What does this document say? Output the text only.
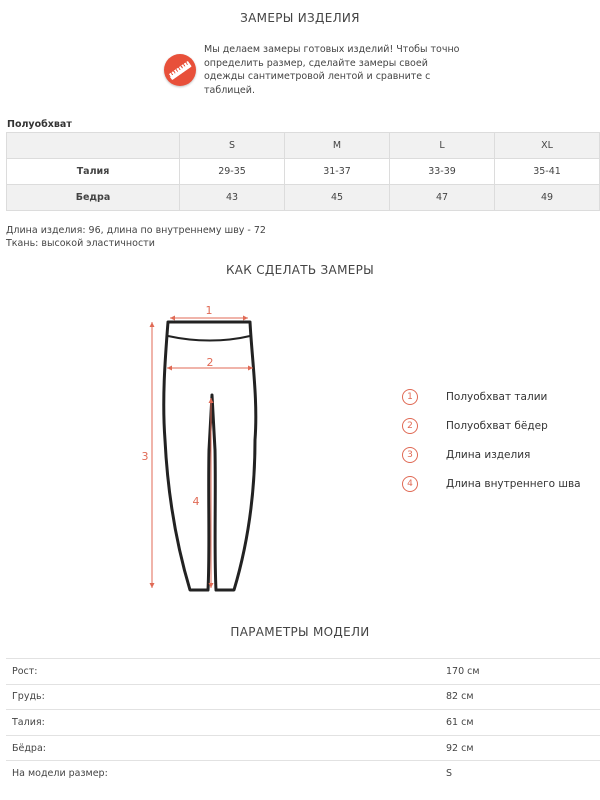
ЗАМЕРЫ ИЗДЕЛИЯ
Мы делаем замеры готовых изделий! Чтобы точно определить размер, сделайте замеры своей одежды сантиметровой лентой и сравните с таблицей.
Полуобхват
	S	M	L	XL
Талия	29-35	31-37	33-39	35-41
Бедра	43	45	47	49
Длина изделия: 96, длина по внутреннему шву - 72
Ткань: высокой эластичности
КАК СДЕЛАТЬ ЗАМЕРЫ
1
2
3
4
1	Полуобхват талии
2	Полуобхват бёдер
3	Длина изделия
4	Длина внутреннего шва
ПАРАМЕТРЫ МОДЕЛИ
Рост:	170 см
Грудь:	82 см
Талия:	61 см
Бёдра:	92 см
На модели размер:	S
